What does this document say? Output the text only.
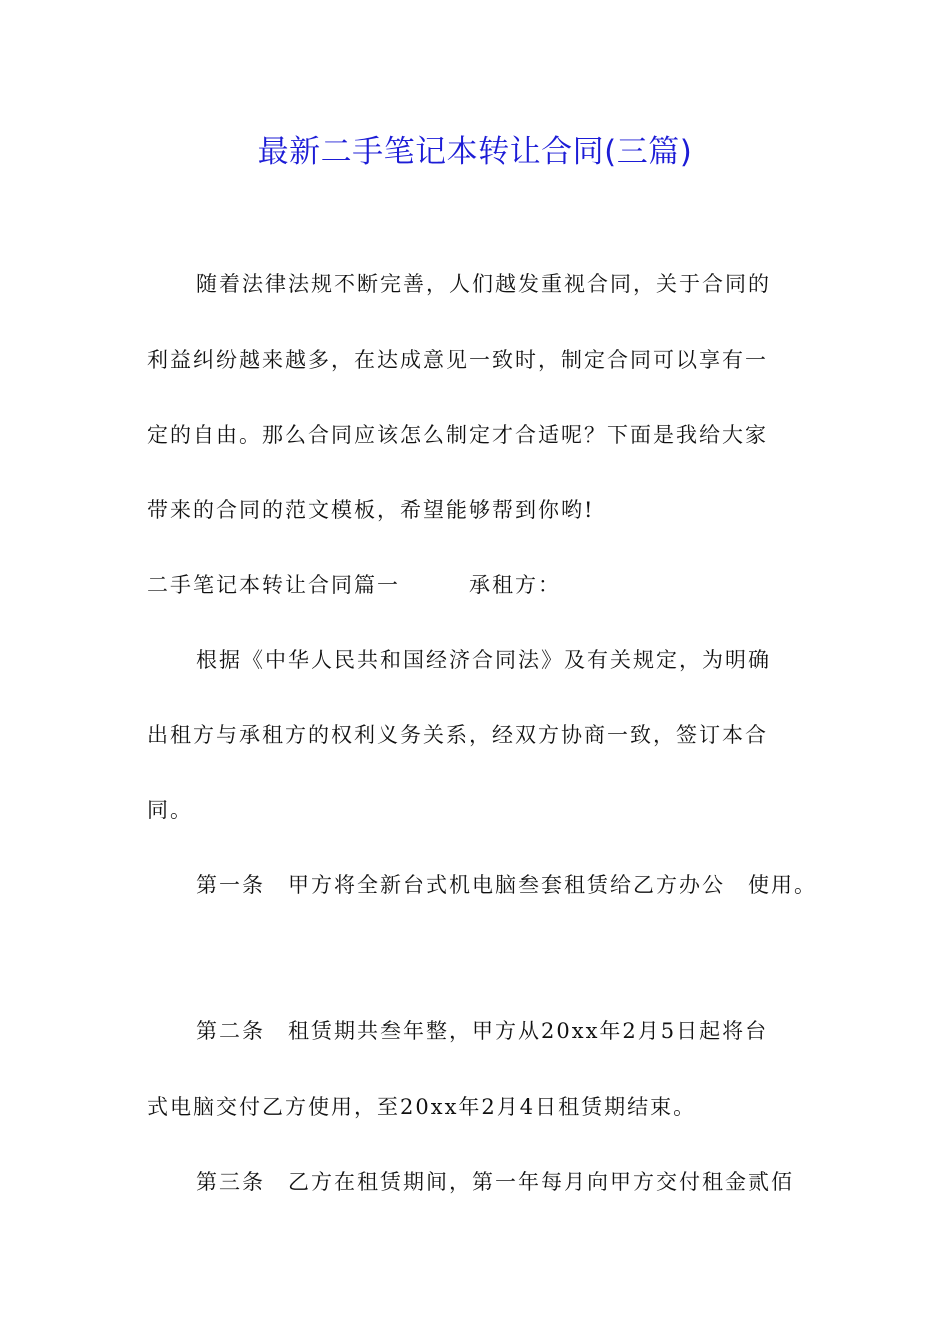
最新二手笔记本转让合同(三篇)
随着法律法规不断完善，人们越发重视合同，关于合同的
利益纠纷越来越多，在达成意见一致时，制定合同可以享有一
定的自由。那么合同应该怎么制定才合适呢？下面是我给大家
带来的合同的范文模板，希望能够帮到你哟!
二手笔记本转让合同篇一　　　承租方：
根据《中华人民共和国经济合同法》及有关规定，为明确
出租方与承租方的权利义务关系，经双方协商一致，签订本合
同。
第一条　甲方将全新台式机电脑叁套租赁给乙方办公　使用。
第二条　租赁期共叁年整，甲方从20xx年2月5日起将台
式电脑交付乙方使用，至20xx年2月4日租赁期结束。
第三条　乙方在租赁期间，第一年每月向甲方交付租金贰佰
